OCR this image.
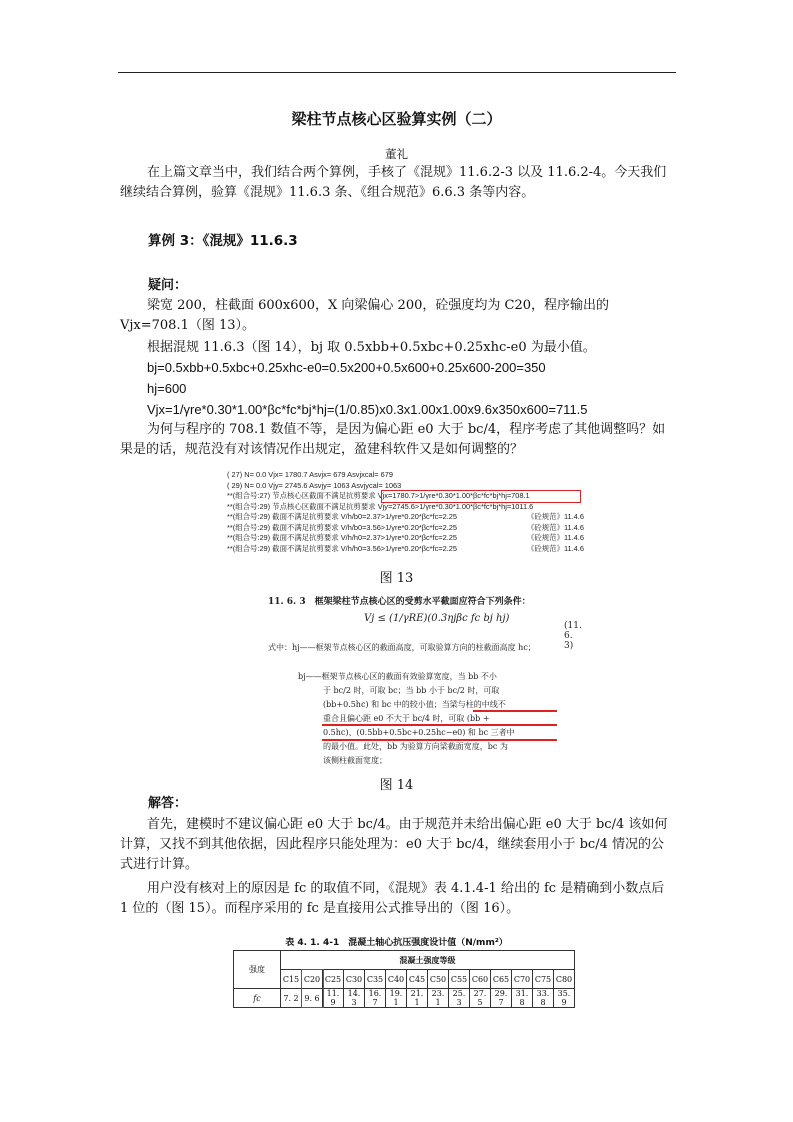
梁柱节点核心区验算实例（二）
董礼
在上篇文章当中，我们结合两个算例，手核了《混规》11.6.2-3 以及 11.6.2-4。今天我们继续结合算例，验算《混规》11.6.3 条、《组合规范》6.6.3 条等内容。
算例 3：《混规》11.6.3
疑问：
梁宽 200，柱截面 600x600，X 向梁偏心 200，砼强度均为 C20，程序输出的 Vjx=708.1（图 13）。
根据混规 11.6.3（图 14），bj 取 0.5xbb+0.5xbc+0.25xhc-e0 为最小值。
bj=0.5xbb+0.5xbc+0.25xhc-e0=0.5x200+0.5x600+0.25x600-200=350
hj=600
Vjx=1/γre*0.30*1.00*βc*fc*bj*hj=(1/0.85)x0.3x1.00x1.00x9.6x350x600=711.5
为何与程序的 708.1 数值不等，是因为偏心距 e0 大于 bc/4，程序考虑了其他调整吗？如果是的话，规范没有对该情况作出规定，盈建科软件又是如何调整的？
( 27) N= 0.0 Vjx= 1780.7 Asvjx= 679 Asvjxcal= 679
( 29) N= 0.0 Vjy= 2745.6 Asvjy= 1063 Asvjycal= 1063
**(组合号:27) 节点核心区截面不满足抗剪要求 Vjx=1780.7>1/γre*0.30*1.00*βc*fc*bj*hj=708.1
**(组合号:29) 节点核心区截面不满足抗剪要求 Vjy=2745.6>1/γre*0.30*1.00*βc*fc*bj*hj=1011.6
**(组合号:29) 截面不满足抗剪要求 V/h/b0=2.37>1/γre*0.20*βc*fc=2.25	《砼规范》11.4.6
**(组合号:29) 截面不满足抗剪要求 V/h/b0=3.56>1/γre*0.20*βc*fc=2.25	《砼规范》11.4.6
**(组合号:29) 截面不满足抗剪要求 V/h/h0=2.37>1/γre*0.20*βc*fc=2.25	《砼规范》11.4.6
**(组合号:29) 截面不满足抗剪要求 V/h/h0=3.56>1/γre*0.20*βc*fc=2.25	《砼规范》11.4.6
图 13
11. 6. 3　框架梁柱节点核心区的受剪水平截面应符合下列条件：
Vj ≤ (1/γRE)(0.3ηjβc fc bj hj)
(11. 6. 3)
式中：hj——框架节点核心区的截面高度，可取验算方向的柱截面高度 hc；
bj——框架节点核心区的截面有效验算宽度，当 bb 不小
于 bc/2 时，可取 bc；当 bb 小于 bc/2 时，可取
(bb+0.5hc) 和 bc 中的较小值；当梁与柱的中线不
重合且偏心距 e0 不大于 bc/4 时，可取 (bb +
0.5hc)、(0.5bb+0.5bc+0.25hc−e0) 和 bc 三者中
的最小值。此处，bb 为验算方向梁截面宽度，bc 为
该侧柱截面宽度；
图 14
解答：
首先，建模时不建议偏心距 e0 大于 bc/4。由于规范并未给出偏心距 e0 大于 bc/4 该如何计算，又找不到其他依据，因此程序只能处理为：e0 大于 bc/4，继续套用小于 bc/4 情况的公式进行计算。
用户没有核对上的原因是 fc 的取值不同，《混规》表 4.1.4-1 给出的 fc 是精确到小数点后 1 位的（图 15）。而程序采用的 fc 是直接用公式推导出的（图 16）。
表 4. 1. 4-1　混凝土轴心抗压强度设计值（N/mm²）
强度	混凝土强度等级													
	C15	C20	C25	C30	C35	C40	C45	C50	C55	C60	C65	C70	C75	C80
fc	7. 2	9. 6	11. 9	14. 3	16. 7	19. 1	21. 1	23. 1	25. 3	27. 5	29. 7	31. 8	33. 8	35. 9
